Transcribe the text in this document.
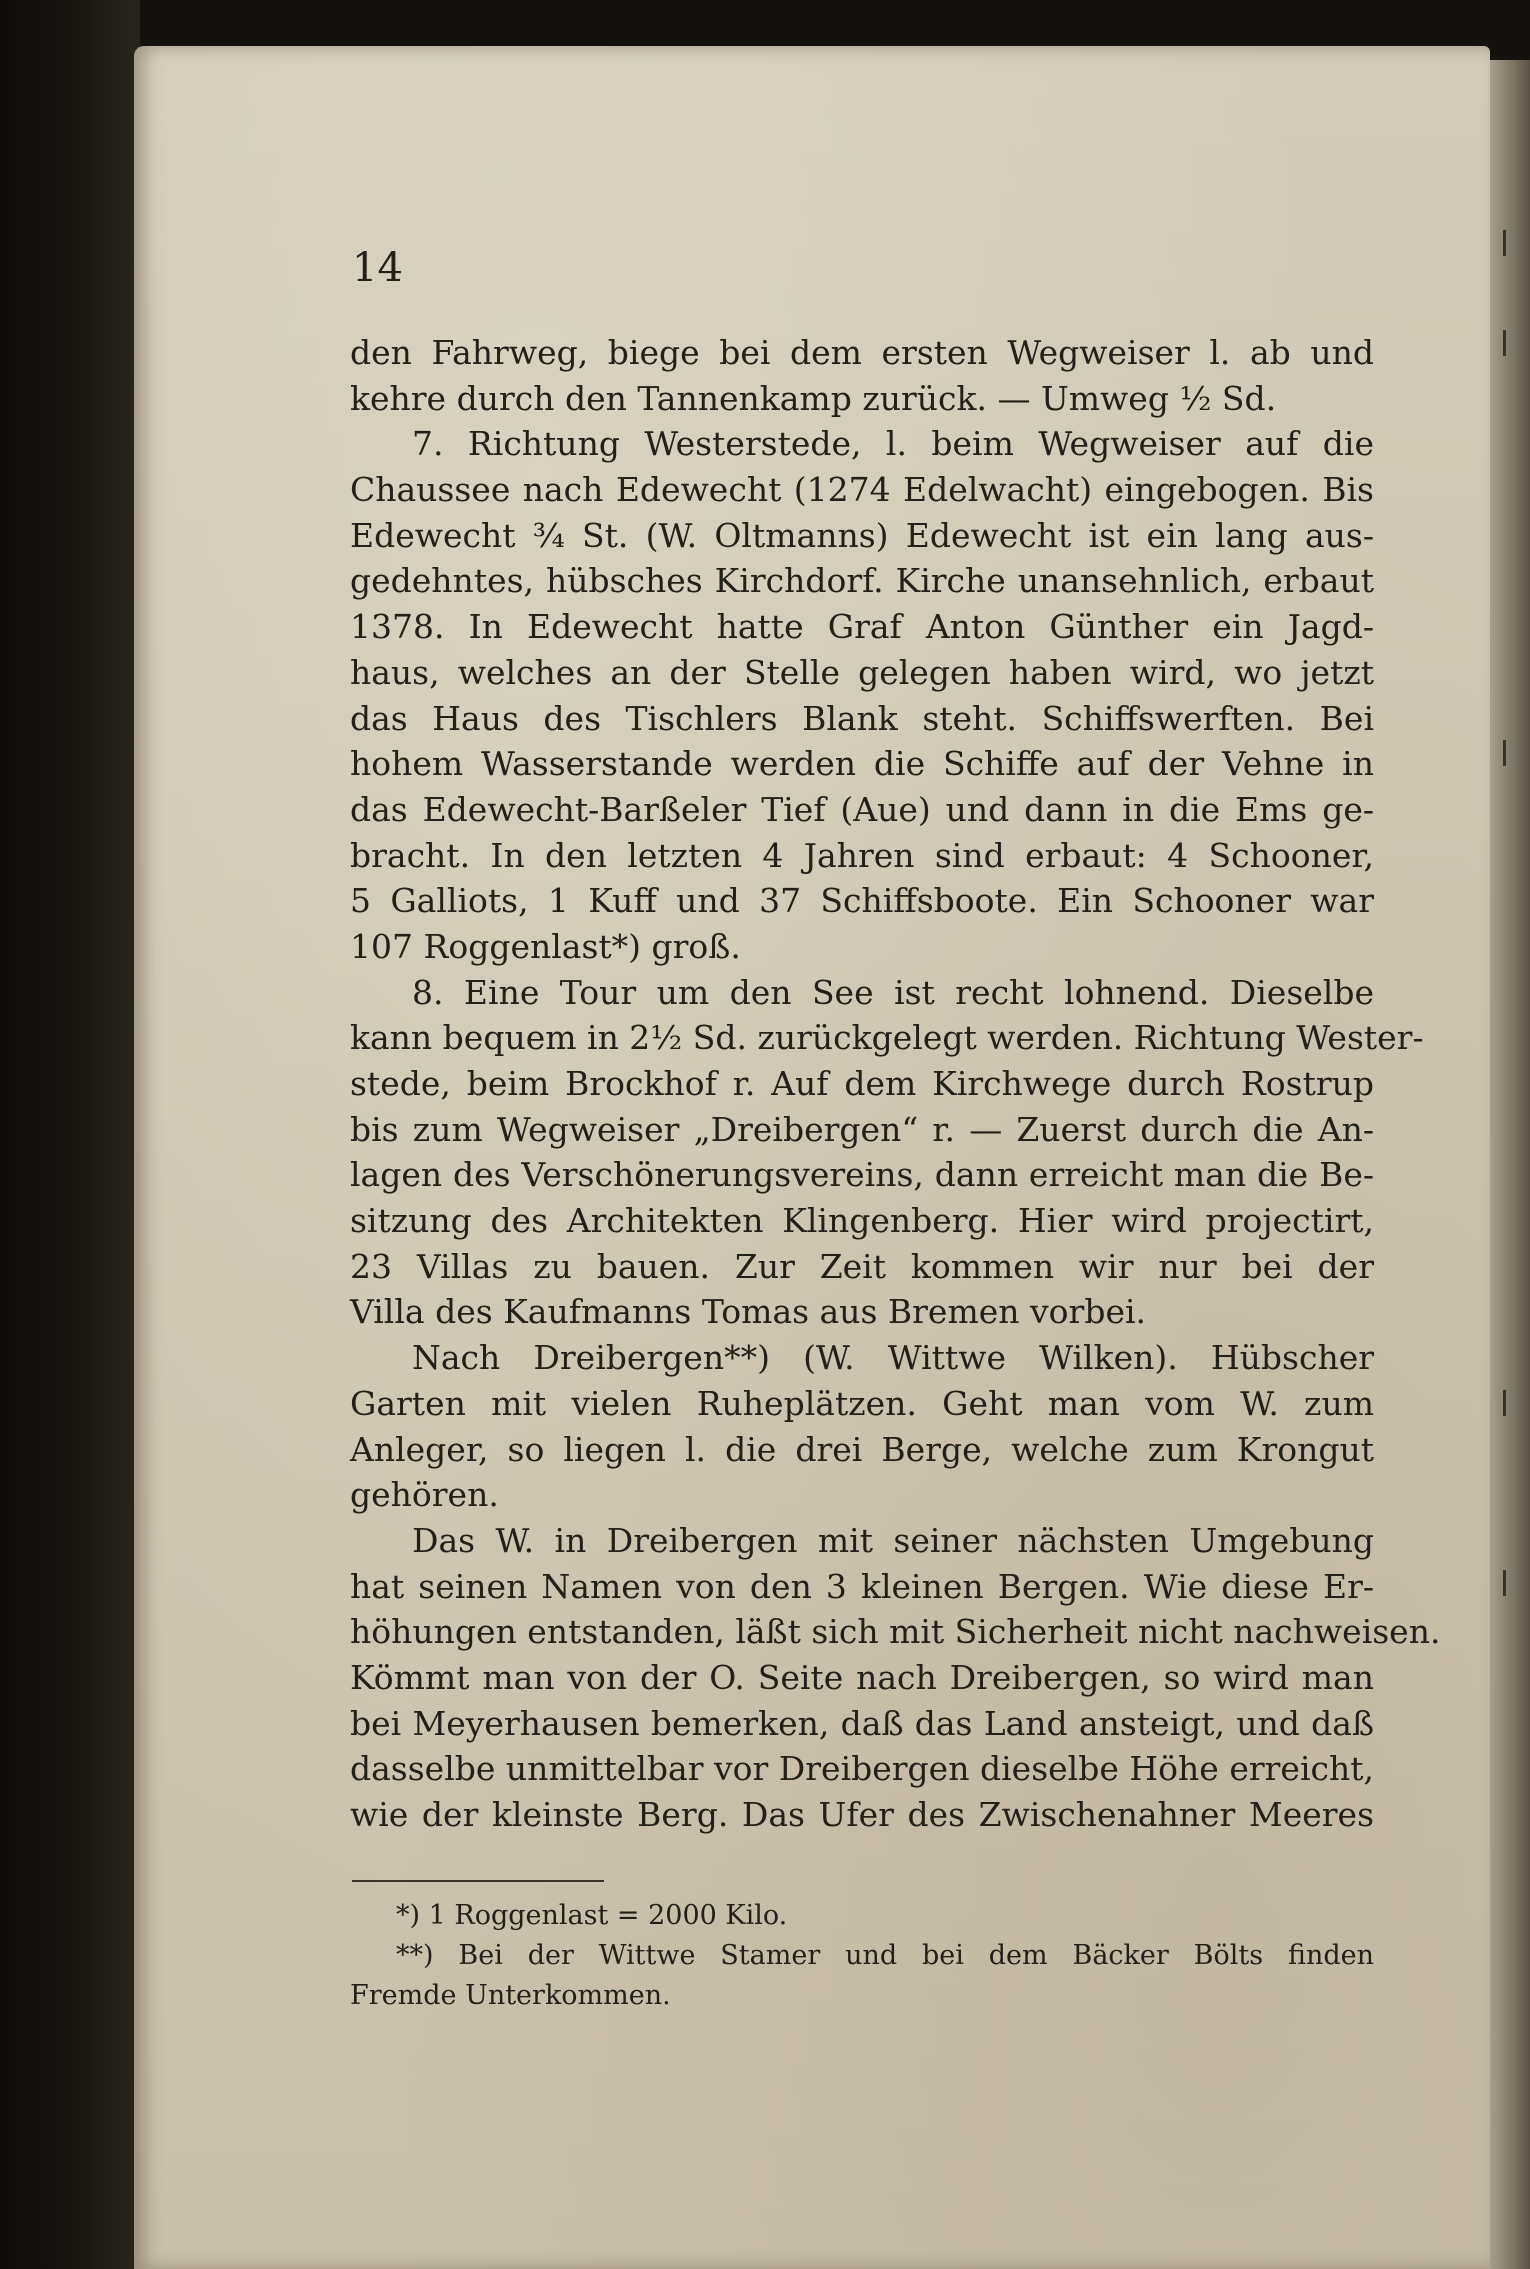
14
den Fahrweg, biege bei dem ersten Wegweiser l. ab und
kehre durch den Tannenkamp zurück. — Umweg ½ Sd.
7. Richtung Westerstede, l. beim Wegweiser auf die
Chaussee nach Edewecht (1274 Edelwacht) eingebogen. Bis
Edewecht ¾ St. (W. Oltmanns) Edewecht ist ein lang aus-
gedehntes, hübsches Kirchdorf. Kirche unansehnlich, erbaut
1378. In Edewecht hatte Graf Anton Günther ein Jagd-
haus, welches an der Stelle gelegen haben wird, wo jetzt
das Haus des Tischlers Blank steht. Schiffswerften. Bei
hohem Wasserstande werden die Schiffe auf der Vehne in
das Edewecht-Barßeler Tief (Aue) und dann in die Ems ge-
bracht. In den letzten 4 Jahren sind erbaut: 4 Schooner,
5 Galliots, 1 Kuff und 37 Schiffsboote. Ein Schooner war
107 Roggenlast*) groß.
8. Eine Tour um den See ist recht lohnend. Dieselbe
kann bequem in 2½ Sd. zurückgelegt werden. Richtung Wester-
stede, beim Brockhof r. Auf dem Kirchwege durch Rostrup
bis zum Wegweiser „Dreibergen“ r. — Zuerst durch die An-
lagen des Verschönerungsvereins, dann erreicht man die Be-
sitzung des Architekten Klingenberg. Hier wird projectirt,
23 Villas zu bauen. Zur Zeit kommen wir nur bei der
Villa des Kaufmanns Tomas aus Bremen vorbei.
Nach Dreibergen**) (W. Wittwe Wilken). Hübscher
Garten mit vielen Ruheplätzen. Geht man vom W. zum
Anleger, so liegen l. die drei Berge, welche zum Krongut
gehören.
Das W. in Dreibergen mit seiner nächsten Umgebung
hat seinen Namen von den 3 kleinen Bergen. Wie diese Er-
höhungen entstanden, läßt sich mit Sicherheit nicht nachweisen.
Kömmt man von der O. Seite nach Dreibergen, so wird man
bei Meyerhausen bemerken, daß das Land ansteigt, und daß
dasselbe unmittelbar vor Dreibergen dieselbe Höhe erreicht,
wie der kleinste Berg. Das Ufer des Zwischenahner Meeres
*) 1 Roggenlast = 2000 Kilo.
**) Bei der Wittwe Stamer und bei dem Bäcker Bölts finden
Fremde Unterkommen.
